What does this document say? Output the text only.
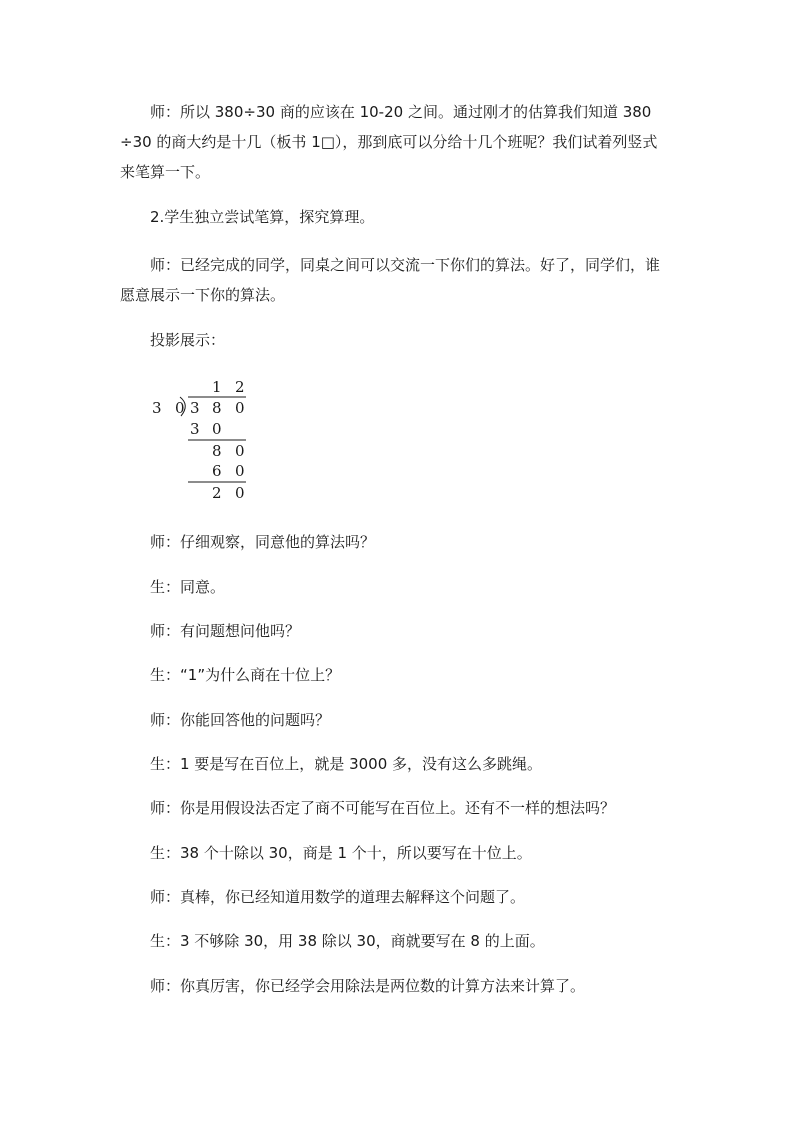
师：所以 380÷30 商的应该在 10-20 之间。通过刚才的估算我们知道 380 ÷30 的商大约是十几（板书 1□），那到底可以分给十几个班呢？我们试着列竖式来笔算一下。

2.学生独立尝试笔算，探究算理。

师：已经完成的同学，同桌之间可以交流一下你们的算法。好了，同学们，谁愿意展示一下你的算法。

投影展示：

1 2
3 0 3 8 0
3 0
8 0
6 0
2 0

师：仔细观察，同意他的算法吗？

生：同意。

师：有问题想问他吗？

生：“1”为什么商在十位上？

师：你能回答他的问题吗？

生：1 要是写在百位上，就是 3000 多，没有这么多跳绳。

师：你是用假设法否定了商不可能写在百位上。还有不一样的想法吗？

生：38 个十除以 30，商是 1 个十，所以要写在十位上。

师：真棒，你已经知道用数学的道理去解释这个问题了。

生：3 不够除 30，用 38 除以 30，商就要写在 8 的上面。

师：你真厉害，你已经学会用除法是两位数的计算方法来计算了。
